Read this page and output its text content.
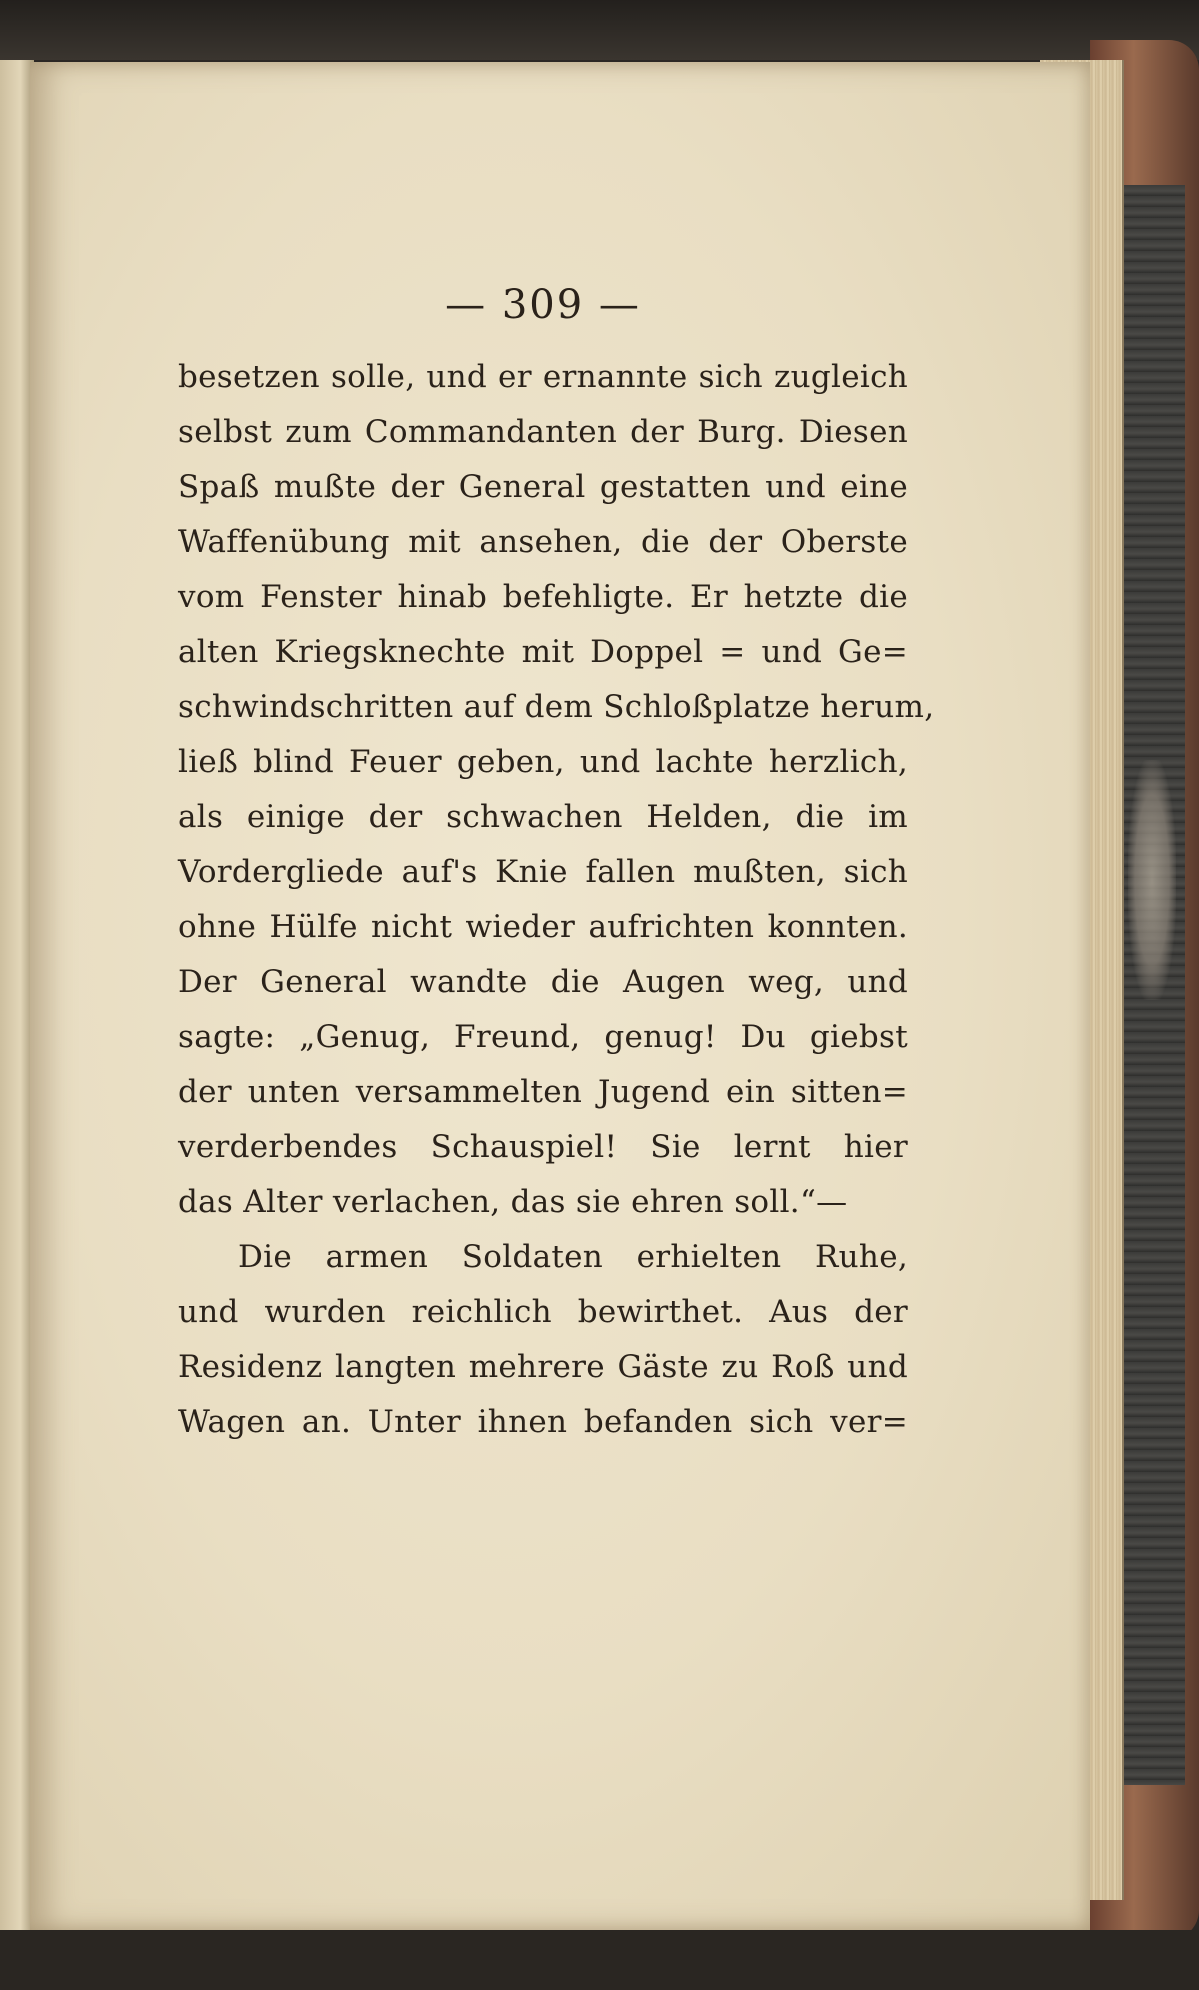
— 309 —
besetzen solle, und er ernannte sich zugleich
selbst zum Commandanten der Burg. Diesen
Spaß mußte der General gestatten und eine
Waffenübung mit ansehen, die der Oberste
vom Fenster hinab befehligte. Er hetzte die
alten Kriegsknechte mit Doppel = und Ge=
schwindschritten auf dem Schloßplatze herum,
ließ blind Feuer geben, und lachte herzlich,
als einige der schwachen Helden, die im
Vordergliede auf's Knie fallen mußten, sich
ohne Hülfe nicht wieder aufrichten konnten.
Der General wandte die Augen weg, und
sagte: „Genug, Freund, genug! Du giebst
der unten versammelten Jugend ein sitten=
verderbendes Schauspiel! Sie lernt hier
das Alter verlachen, das sie ehren soll.“—
Die armen Soldaten erhielten Ruhe,
und wurden reichlich bewirthet. Aus der
Residenz langten mehrere Gäste zu Roß und
Wagen an. Unter ihnen befanden sich ver=
